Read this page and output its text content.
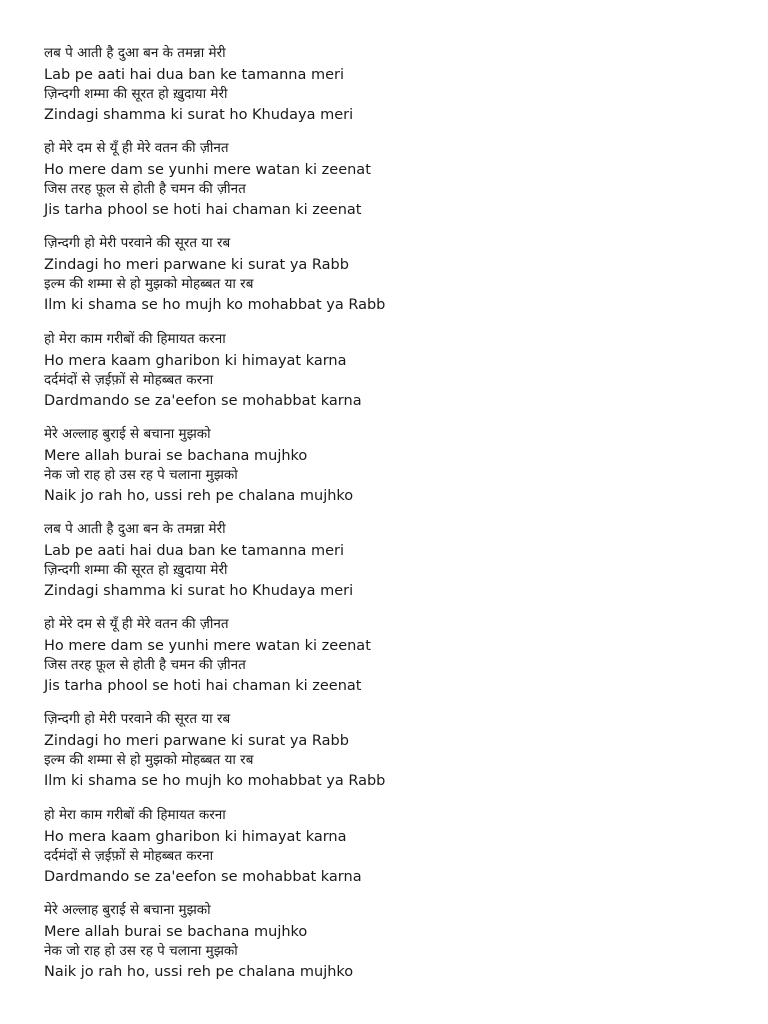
लब पे आती है दुआ बन के तमन्ना मेरी
Lab pe aati hai dua ban ke tamanna meri
ज़िन्दगी शम्मा की सूरत हो ख़ुदाया मेरी
Zindagi shamma ki surat ho Khudaya meri
हो मेरे दम से यूँ ही मेरे वतन की ज़ीनत
Ho mere dam se yunhi mere watan ki zeenat
जिस तरह फ़ूल से होती है चमन की ज़ीनत
Jis tarha phool se hoti hai chaman ki zeenat
ज़िन्दगी हो मेरी परवाने की सूरत या रब
Zindagi ho meri parwane ki surat ya Rabb
इल्म की शम्मा से हो मुझको मोहब्बत या रब
Ilm ki shama se ho mujh ko mohabbat ya Rabb
हो मेरा काम गरीबों की हिमायत करना
Ho mera kaam gharibon ki himayat karna
दर्दमंदों से ज़ईफ़ों से मोहब्बत करना
Dardmando se za'eefon se mohabbat karna
मेरे अल्लाह बुराई से बचाना मुझको
Mere allah burai se bachana mujhko
नेक जो राह हो उस रह पे चलाना मुझको
Naik jo rah ho, ussi reh pe chalana mujhko
लब पे आती है दुआ बन के तमन्ना मेरी
Lab pe aati hai dua ban ke tamanna meri
ज़िन्दगी शम्मा की सूरत हो ख़ुदाया मेरी
Zindagi shamma ki surat ho Khudaya meri
हो मेरे दम से यूँ ही मेरे वतन की ज़ीनत
Ho mere dam se yunhi mere watan ki zeenat
जिस तरह फ़ूल से होती है चमन की ज़ीनत
Jis tarha phool se hoti hai chaman ki zeenat
ज़िन्दगी हो मेरी परवाने की सूरत या रब
Zindagi ho meri parwane ki surat ya Rabb
इल्म की शम्मा से हो मुझको मोहब्बत या रब
Ilm ki shama se ho mujh ko mohabbat ya Rabb
हो मेरा काम गरीबों की हिमायत करना
Ho mera kaam gharibon ki himayat karna
दर्दमंदों से ज़ईफ़ों से मोहब्बत करना
Dardmando se za'eefon se mohabbat karna
मेरे अल्लाह बुराई से बचाना मुझको
Mere allah burai se bachana mujhko
नेक जो राह हो उस रह पे चलाना मुझको
Naik jo rah ho, ussi reh pe chalana mujhko
